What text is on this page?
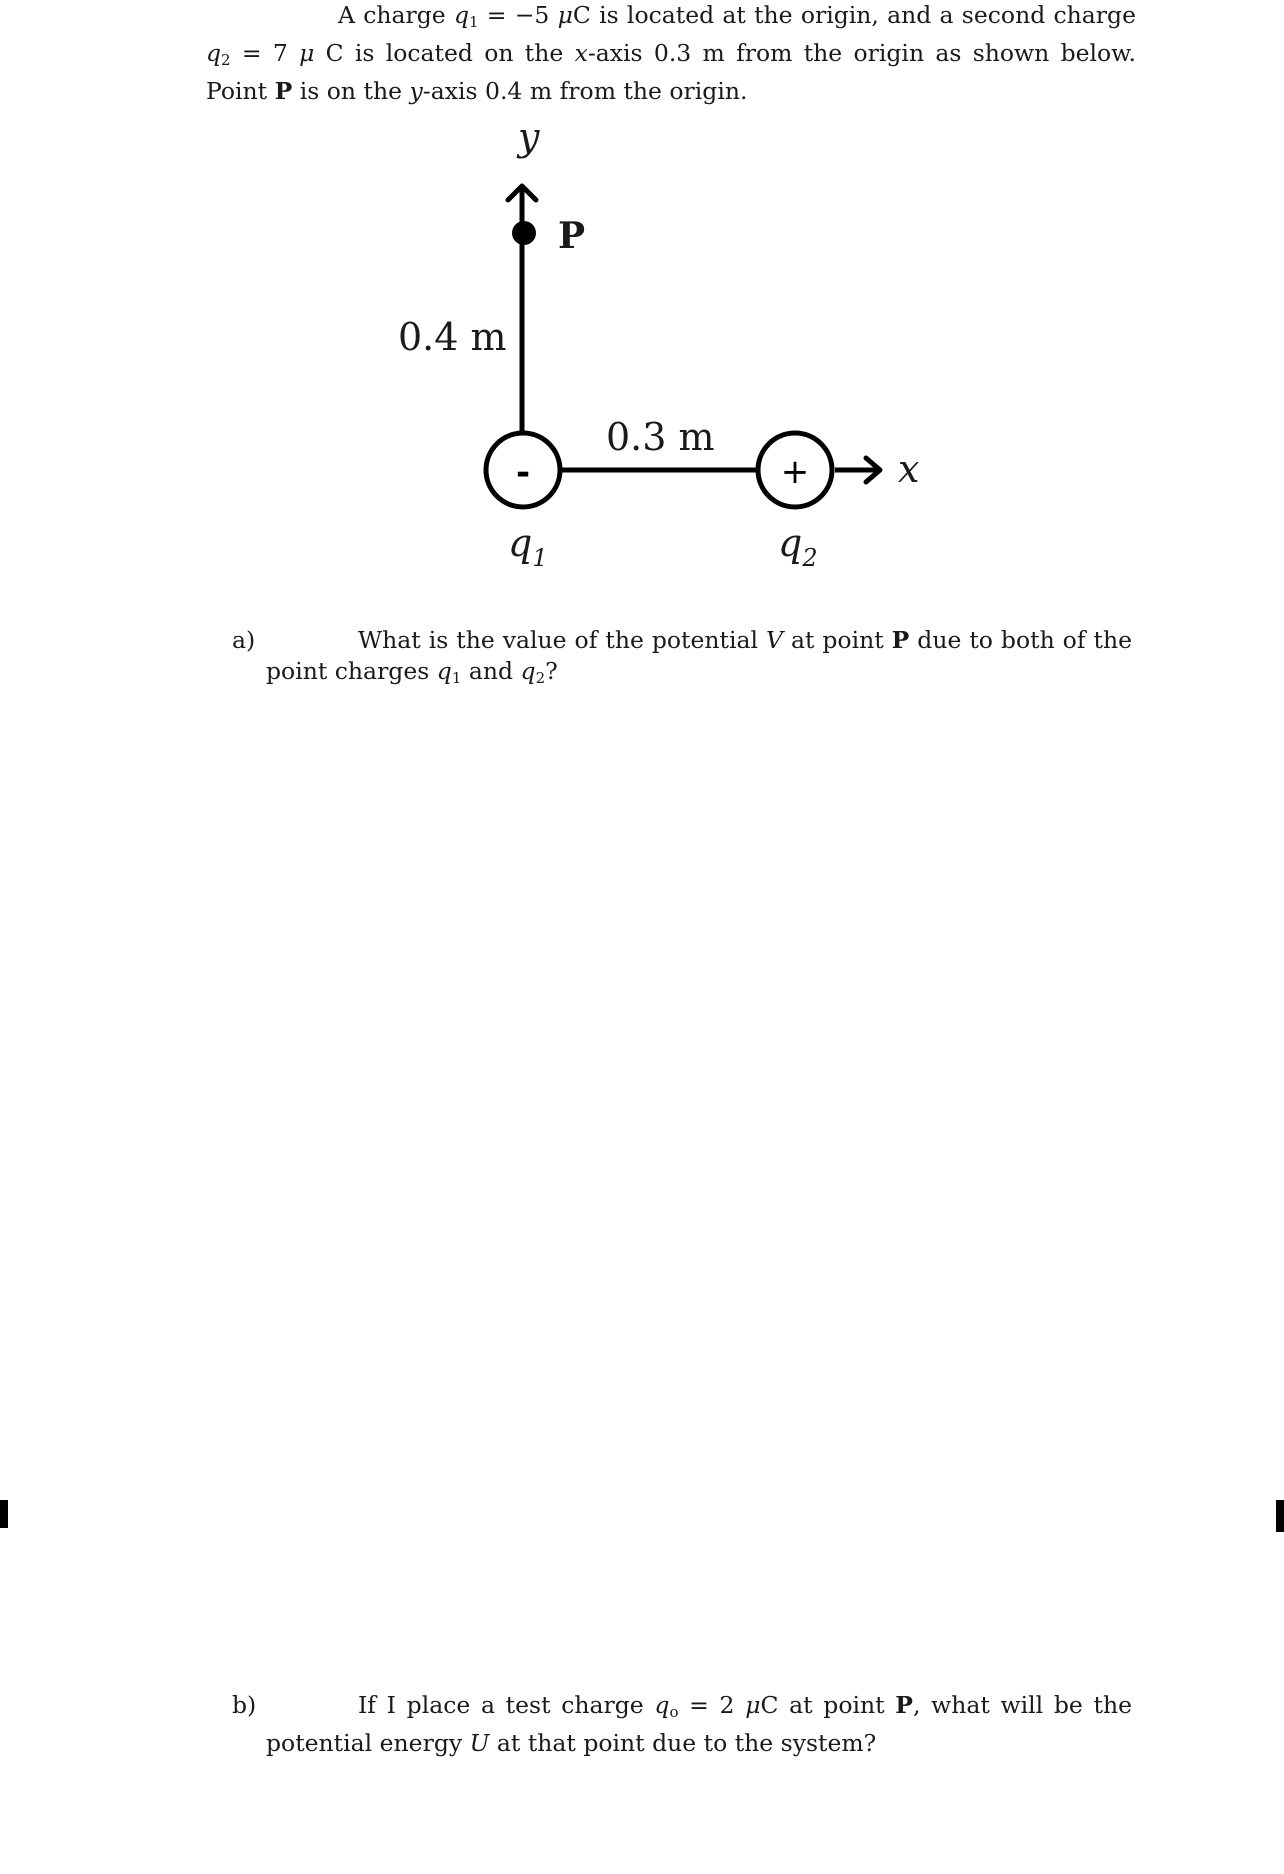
A charge $q_1 = -5$ μC is located at the origin, and a second charge $q_2 = 7$ μ C is located on the x-axis 0.3 m from the origin as shown below. Point P is on the y-axis 0.4 m from the origin.
y
P
0.4 m
x
0.3 m
-	+
$q_1$	$q_2$
a)	What is the value of the potential V at point P due to both of the point charges $q_1$ and $q_2$?
b)	If I place a test charge $q_o = 2$ μC at point P, what will be the potential energy U at that point due to the system?
